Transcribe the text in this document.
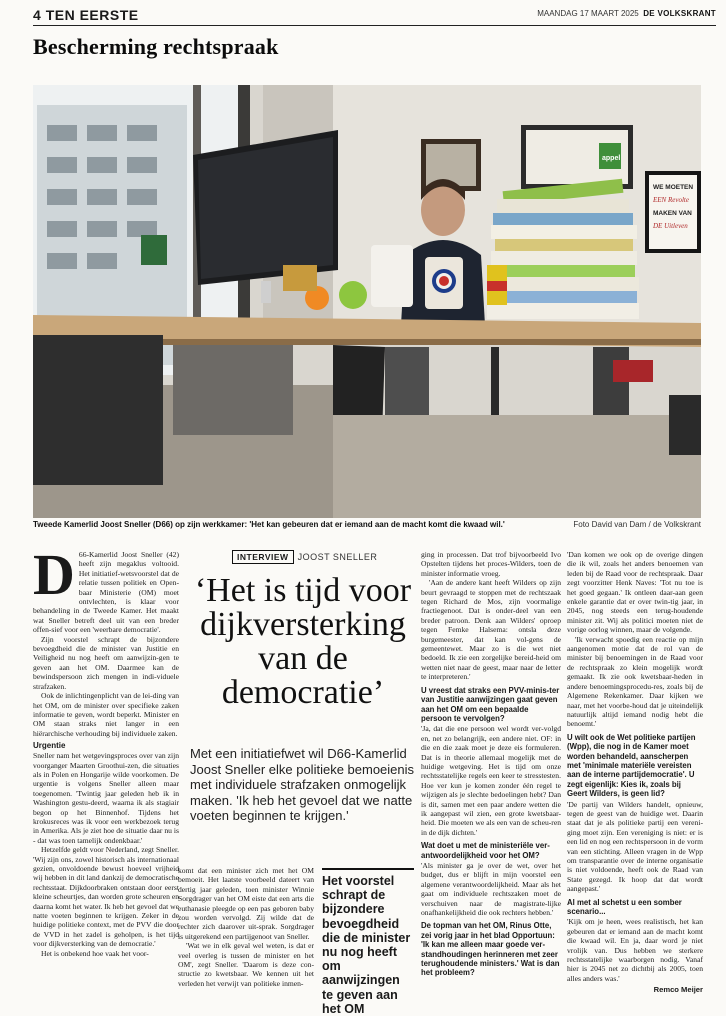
4 TEN EERSTE	MAANDAG 17 MAART 2025 DE VOLKSKRANT
Bescherming rechtspraak
appel
WE MOETEN
EEN Revolte
MAKEN VAN
DE Uitleven
Tweede Kamerlid Joost Sneller (D66) op zijn werkkamer: 'Het kan gebeuren dat er iemand aan de macht komt die kwaad wil.'	Foto David van Dam / de Volkskrant

D 66-Kamerlid Joost Sneller (42) heeft zijn megaklus voltooid. Het initiatief-wetsvoorstel dat de relatie tussen politiek en Open-baar Ministerie (OM) moet ontvlechten, is klaar voor behandeling in de Tweede Kamer. Het maakt wat Sneller betreft deel uit van een breder offen-sief voor een 'weerbare democratie'.

Zijn voorstel schrapt de bijzondere bevoegdheid die de minister van Justitie en Veiligheid nu nog heeft om aanwijzin-gen te geven aan het OM. Daarmee kan de bewindspersoon zich mengen in indi-viduele strafzaken.

Ook de inlichtingenplicht van de lei-ding van het OM, om de minister over specifieke zaken informatie te geven, wordt beperkt. Minister en OM staan straks niet langer in een hiërarchische verhouding bij individuele zaken.

Urgentie

Sneller nam het wetgevingsproces over van zijn voorganger Maarten Groothui-zen, die situaties als in Polen en Hongarije wilde voorkomen. De urgentie is volgens Sneller alleen maar toegenomen. 'Twintig jaar geleden heb ik in Washington gestu-deerd, waarna ik als stagiair begon op het Binnenhof. Tijdens het krokusreces was ik voor een werkbezoek terug in Amerika. Als je ziet hoe de situatie daar nu is - dat was toen tamelijk ondenkbaar.'

Hetzelfde geldt voor Nederland, zegt Sneller. 'Wij zijn ons, zowel historisch als internationaal gezien, onvoldoende bewust hoeveel vrijheid wij hebben in dit land dankzij de democratische rechtsstaat. Dijkdoorbraken ontstaan door eerst kleine scheurtjes, dan worden grote scheuren en daarna komt het water. Ik heb het gevoel dat we natte voeten beginnen te krijgen. Zeker in de huidige politieke context, met de PVV die door de VVD in het zadel is geholpen, is het tijd voor dijkversterking van de democratie.'

Het is onbekend hoe vaak het voor-

INTERVIEW JOOST SNELLER
‘Het is tijd voor dijkversterking van de democratie’
Met een initiatiefwet wil D66-Kamerlid Joost Sneller elke politieke bemoeienis met individuele strafzaken onmogelijk maken. 'Ik heb het gevoel dat we natte voeten beginnen te krijgen.'

komt dat een minister zich met het OM bemoeit. Het laatste voorbeeld dateert van dertig jaar geleden, toen minister Winnie Sorgdrager van het OM eiste dat een arts die euthanasie pleegde op een pas geboren baby zou worden vervolgd. Zij wilde dat de rechter zich daarover uit-sprak. Sorgdrager is uitgerekend een partijgenoot van Sneller.

'Wat we in elk geval wel weten, is dat er veel overleg is tussen de minister en het OM', zegt Sneller. 'Daarom is deze con-structie zo kwetsbaar. We kennen uit het verleden het verwijt van politieke inmen-

Het voorstel schrapt de bijzondere bevoegdheid die de minister nu nog heeft om aanwijzingen te geven aan het OM

ging in processen. Dat trof bijvoorbeeld Ivo Opstelten tijdens het proces-Wilders, toen de minister informatie vroeg.

'Aan de andere kant heeft Wilders op zijn beurt gevraagd te stoppen met de rechtszaak tegen Richard de Mos, zijn voormalige fractiegenoot. Dat is onder-deel van een breder patroon. Denk aan Wilders' oproep tegen Femke Halsema: ontsla deze burgemeester, dat kan vol-gens de gemeentewet. Maar zo is die wet niet bedoeld. Ik zie een zorgelijke bereid-heid om wetten niet naar de geest, maar naar de letter te interpreteren.'

U vreest dat straks een PVV-minis-ter van Justitie aanwijzingen gaat geven aan het OM om een bepaalde persoon te vervolgen?

'Ja, dat die ene persoon wel wordt ver-volgd en, net zo belangrijk, een andere niet. OF: in die en die zaak moet je deze eis formuleren. Dat is in theorie allemaal mogelijk met de huidige wetgeving. Het is tijd om onze rechtsstatelijke regels een keer te stresstesten. Hoe ver kun je komen zonder één regel te wijzigen als je slechte bedoelingen hebt? Dan is dit, samen met een paar andere wetten die ik aangepast wil zien, een grote kwetsbaar-heid. Die moeten we als een van de scheu-ren in de dijk dichten.'

Wat doet u met de ministeriële ver-antwoordelijkheid voor het OM?

'Als minister ga je over de wet, over het budget, dus er blijft in mijn voorstel een algemene verantwoordelijkheid. Maar als het gaat om individuele rechtszaken moet de verschuiven naar de magistrate-lijke onafhankelijkheid die ook rechters hebben.'

De topman van het OM, Rinus Otte, zei vorig jaar in het blad Opportuun: 'Ik kan me alleen maar goede ver-standhoudingen herinneren met zeer terughoudende ministers.' Wat is dan het probleem?

'Dan komen we ook op de overige dingen die ik wil, zoals het anders benoemen van leden bij de Raad voor de rechtspraak. Daar zegt voorzitter Henk Naves: 'Tot nu toe is het goed gegaan.' Ik ontleen daar-aan geen enkele garantie dat er over twin-tig jaar, in 2045, nog steeds een terug-houdende minister zit. Wij als politici moeten niet de vorige oorlog winnen, maar de volgende.

'Ik verwacht spoedig een reactie op mijn aangenomen motie dat de rol van de minister bij benoemingen in de Raad voor de rechtspraak zo klein mogelijk wordt gemaakt. Ik zie ook kwetsbaar-heden in andere benoemingsprocedu-res, zoals bij de Algemene Rekenkamer. Daar kijken we naar, met het voorbe-houd dat je uiteindelijk natuurlijk altijd iemand nodig hebt die benoemt.'

U wilt ook de Wet politieke partijen (Wpp), die nog in de Kamer moet worden behandeld, aanscherpen met 'minimale materiële vereisten aan de interne partijdemocratie'. U zegt eigenlijk: Kies ik, zoals bij Geert Wilders, is geen lid?

'De partij van Wilders handelt, opnieuw, tegen de geest van de huidige wet. Daarin staat dat je als politieke partij een vereni-ging moet zijn. Een vereniging is niet: er is een lid en nog een rechtspersoon in de vorm van een stichting. Alleen vragen in de Wpp om transparantie over de interne organisatie is niet voldoende, heeft ook de Raad van State gezegd. Ik hoop dat dat wordt aangepast.'

Al met al schetst u een somber scenario...

'Kijk om je heen, wees realistisch, het kan gebeuren dat er iemand aan de macht komt die kwaad wil. En ja, daar word je niet vrolijk van. Dus hebben we sterkere rechtsstatelijke waarborgen nodig. Vanaf hier is 2045 net zo dichtbij als 2005, toen alles anders was.'

Remco Meijer
